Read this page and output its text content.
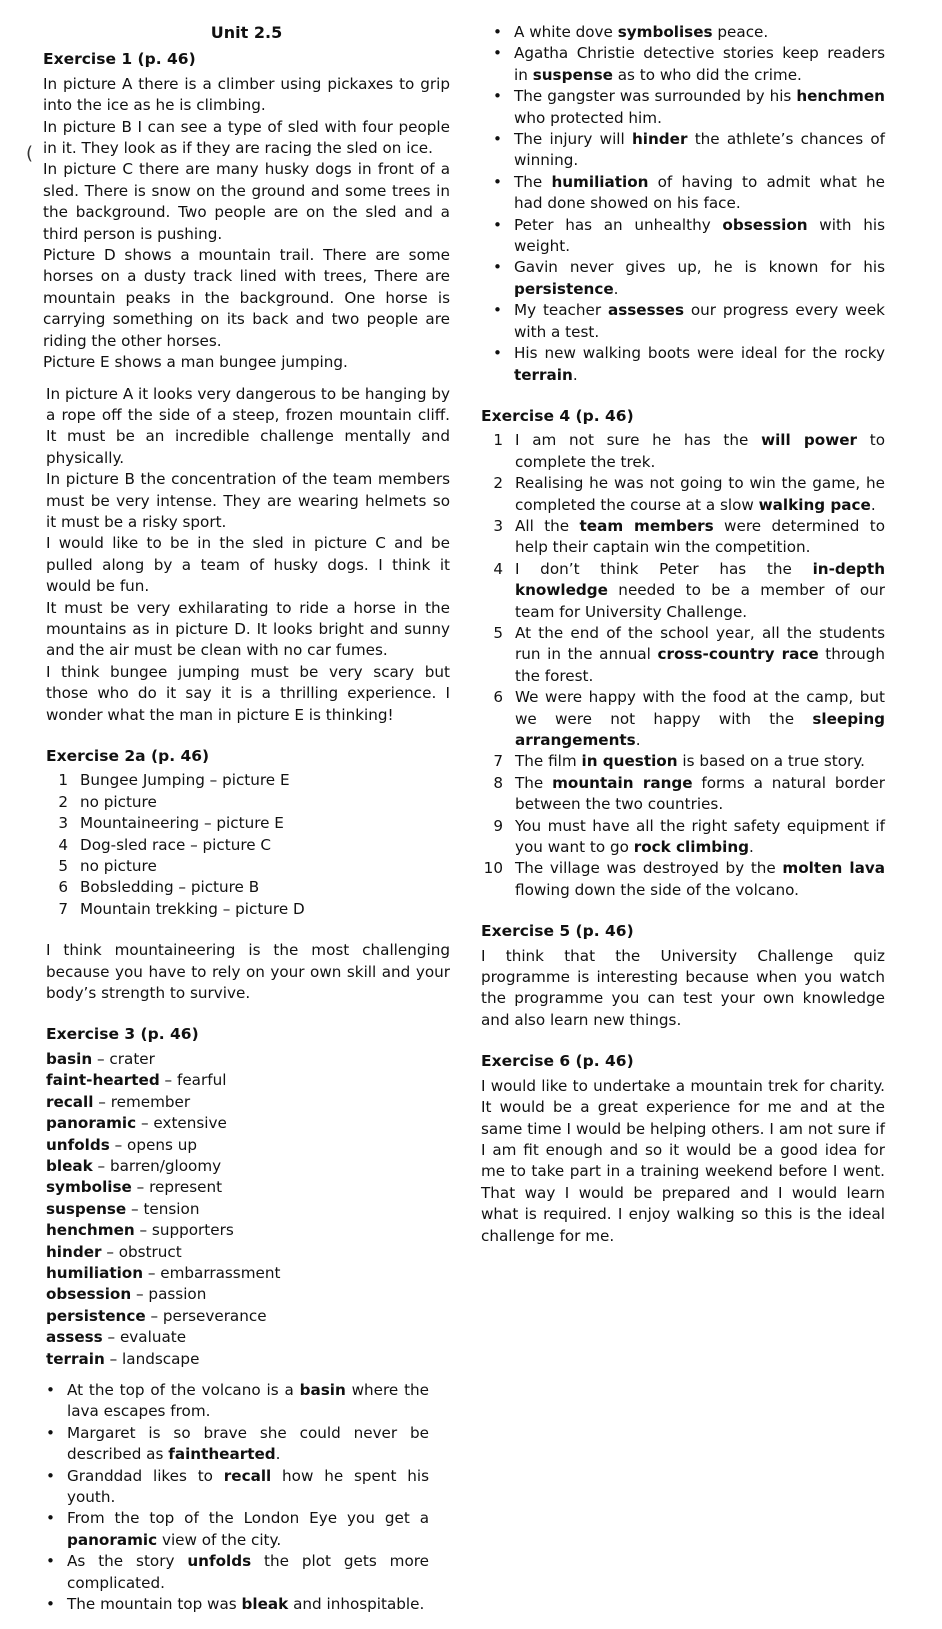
(
Unit 2.5
Exercise 1 (p. 46)

In picture A there is a climber using pickaxes to grip into the ice as he is climbing.

In picture B I can see a type of sled with four people in it. They look as if they are racing the sled on ice.

In picture C there are many husky dogs in front of a sled. There is snow on the ground and some trees in the background. Two people are on the sled and a third person is pushing.

Picture D shows a mountain trail. There are some horses on a dusty track lined with trees, There are mountain peaks in the background. One horse is carrying something on its back and two people are riding the other horses.

Picture E shows a man bungee jumping.

In picture A it looks very dangerous to be hanging by a rope off the side of a steep, frozen mountain cliff. It must be an incredible challenge mentally and physically.

In picture B the concentration of the team members must be very intense. They are wearing helmets so it must be a risky sport.

I would like to be in the sled in picture C and be pulled along by a team of husky dogs. I think it would be fun.

It must be very exhilarating to ride a horse in the mountains as in picture D. It looks bright and sunny and the air must be clean with no car fumes.

I think bungee jumping must be very scary but those who do it say it is a thrilling experience. I wonder what the man in picture E is thinking!

Exercise 2a (p. 46)
1 Bungee Jumping – picture E
2 no picture
3 Mountaineering – picture E
4 Dog-sled race – picture C
5 no picture
6 Bobsledding – picture B
7 Mountain trekking – picture D

I think mountaineering is the most challenging because you have to rely on your own skill and your body’s strength to survive.

Exercise 3 (p. 46)
basin – crater
faint-hearted – fearful
recall – remember
panoramic – extensive
unfolds – opens up
bleak – barren/gloomy
symbolise – represent
suspense – tension
henchmen – supporters
hinder – obstruct
humiliation – embarrassment
obsession – passion
persistence – perseverance
assess – evaluate
terrain – landscape
• At the top of the volcano is a basin where the lava escapes from.
• Margaret is so brave she could never be described as fainthearted.
• Granddad likes to recall how he spent his youth.
• From the top of the London Eye you get a panoramic view of the city.
• As the story unfolds the plot gets more complicated.
• The mountain top was bleak and inhospitable.
• A white dove symbolises peace.
• Agatha Christie detective stories keep readers in suspense as to who did the crime.
• The gangster was surrounded by his henchmen who protected him.
• The injury will hinder the athlete’s chances of winning.
• The humiliation of having to admit what he had done showed on his face.
• Peter has an unhealthy obsession with his weight.
• Gavin never gives up, he is known for his persistence.
• My teacher assesses our progress every week with a test.
• His new walking boots were ideal for the rocky terrain.
Exercise 4 (p. 46)
1 I am not sure he has the will power to complete the trek.
2 Realising he was not going to win the game, he completed the course at a slow walking pace.
3 All the team members were determined to help their captain win the competition.
4 I don’t think Peter has the in-depth knowledge needed to be a member of our team for University Challenge.
5 At the end of the school year, all the students run in the annual cross-country race through the forest.
6 We were happy with the food at the camp, but we were not happy with the sleeping arrangements.
7 The film in question is based on a true story.
8 The mountain range forms a natural border between the two countries.
9 You must have all the right safety equipment if you want to go rock climbing.
10 The village was destroyed by the molten lava flowing down the side of the volcano.
Exercise 5 (p. 46)

I think that the University Challenge quiz programme is interesting because when you watch the programme you can test your own knowledge and also learn new things.

Exercise 6 (p. 46)

I would like to undertake a mountain trek for charity. It would be a great experience for me and at the same time I would be helping others. I am not sure if I am fit enough and so it would be a good idea for me to take part in a training weekend before I went. That way I would be prepared and I would learn what is required. I enjoy walking so this is the ideal challenge for me.
